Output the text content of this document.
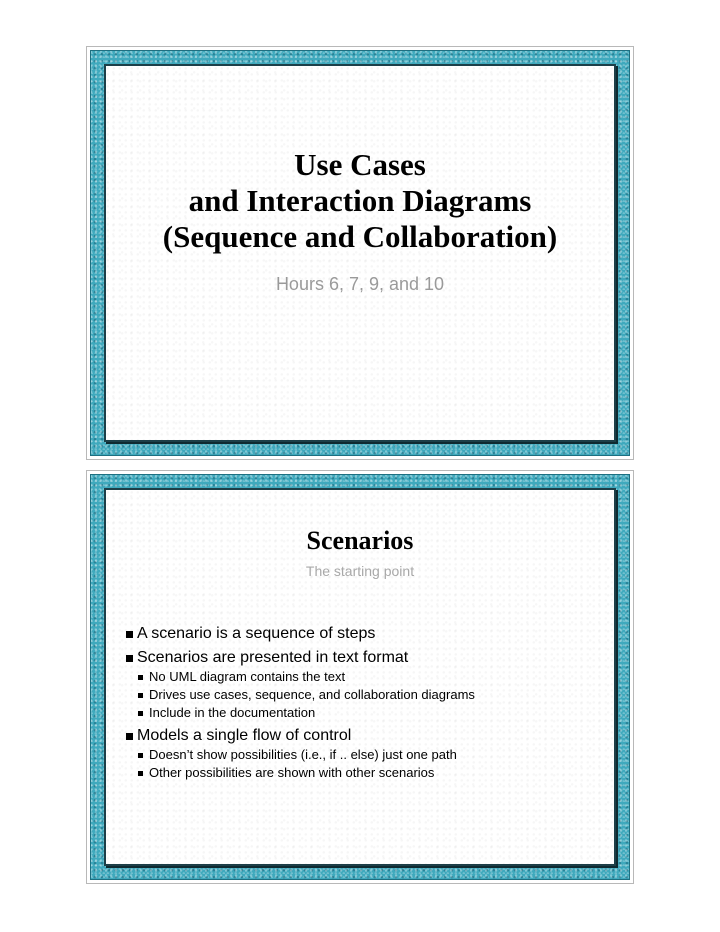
Use Cases
and Interaction Diagrams
(Sequence and Collaboration)
Hours 6, 7, 9, and 10
Scenarios
The starting point
A scenario is a sequence of steps
Scenarios are presented in text format
No UML diagram contains the text
Drives use cases, sequence, and collaboration diagrams
Include in the documentation
Models a single flow of control
Doesn’t show possibilities (i.e., if .. else) just one path
Other possibilities are shown with other scenarios
